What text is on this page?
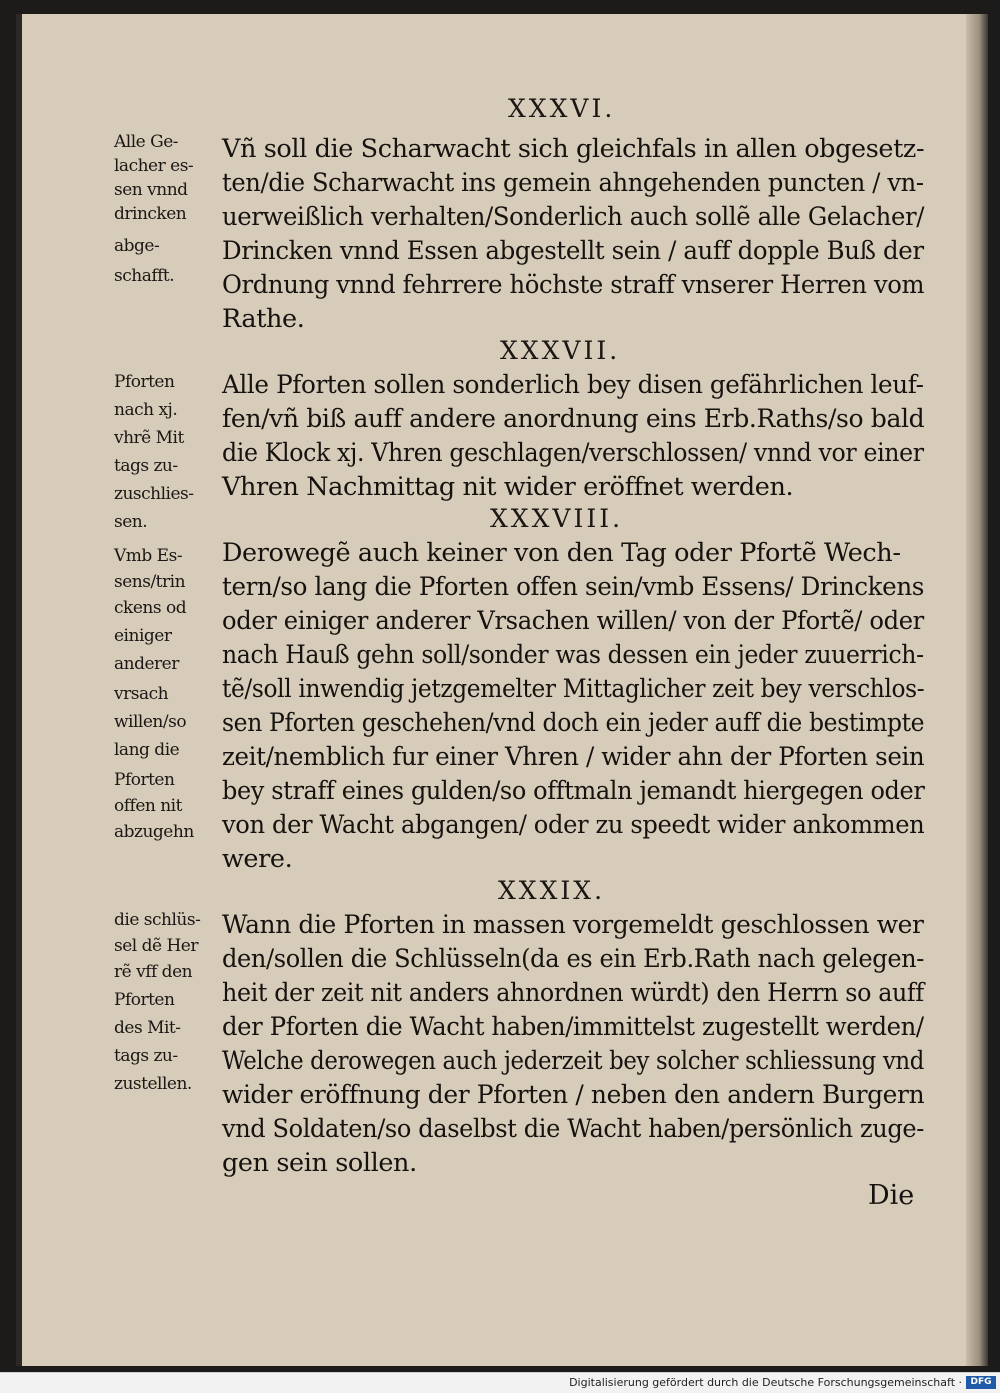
XXXVI.
Vñ soll die Scharwacht sich gleichfals in allen obgesetz-
ten/die Scharwacht ins gemein ahngehenden puncten / vn-
uerweißlich verhalten/Sonderlich auch sollẽ alle Gelacher/
Drincken vnnd Essen abgestellt sein / auff dopple Buß der
Ordnung vnnd fehrrere höchste straff vnserer Herren vom
Rathe.
Alle Ge-
lacher es-
sen vnnd
drincken
abge-
schafft.
XXXVII.
Alle Pforten sollen sonderlich bey disen gefährlichen leuf-
fen/vñ biß auff andere anordnung eins Erb.Raths/so bald
die Klock xj. Vhren geschlagen/verschlossen/ vnnd vor einer
Vhren Nachmittag nit wider eröffnet werden.
Pforten
nach xj.
vhrẽ Mit
tags zu-
zuschlies-
sen.	XXXVIII.
Derowegẽ auch keiner von den Tag oder Pfortẽ Wech-
tern/so lang die Pforten offen sein/vmb Essens/ Drinckens
oder einiger anderer Vrsachen willen/ von der Pfortẽ/ oder
nach Hauß gehn soll/sonder was dessen ein jeder zuuerrich-
tẽ/soll inwendig jetzgemelter Mittaglicher zeit bey verschlos-
sen Pforten geschehen/vnd doch ein jeder auff die bestimpte
zeit/nemblich fur einer Vhren / wider ahn der Pforten sein
bey straff eines gulden/so offtmaln jemandt hiergegen oder
von der Wacht abgangen/ oder zu speedt wider ankommen
were.
Vmb Es-
sens/trin
ckens od
einiger
anderer
vrsach
willen/so
lang die
Pforten
offen nit
abzugehn
XXXIX.
Wann die Pforten in massen vorgemeldt geschlossen wer
den/sollen die Schlüsseln(da es ein Erb.Rath nach gelegen-
heit der zeit nit anders ahnordnen würdt) den Herrn so auff
der Pforten die Wacht haben/immittelst zugestellt werden/
Welche derowegen auch jederzeit bey solcher schliessung vnd
wider eröffnung der Pforten / neben den andern Burgern
vnd Soldaten/so daselbst die Wacht haben/persönlich zuge-
gen sein sollen.
die schlüs-
sel dẽ Her
rẽ vff den
Pforten
des Mit-
tags zu-
zustellen.
Die
Digitalisierung gefördert durch die Deutsche Forschungsgemeinschaft · DFG
